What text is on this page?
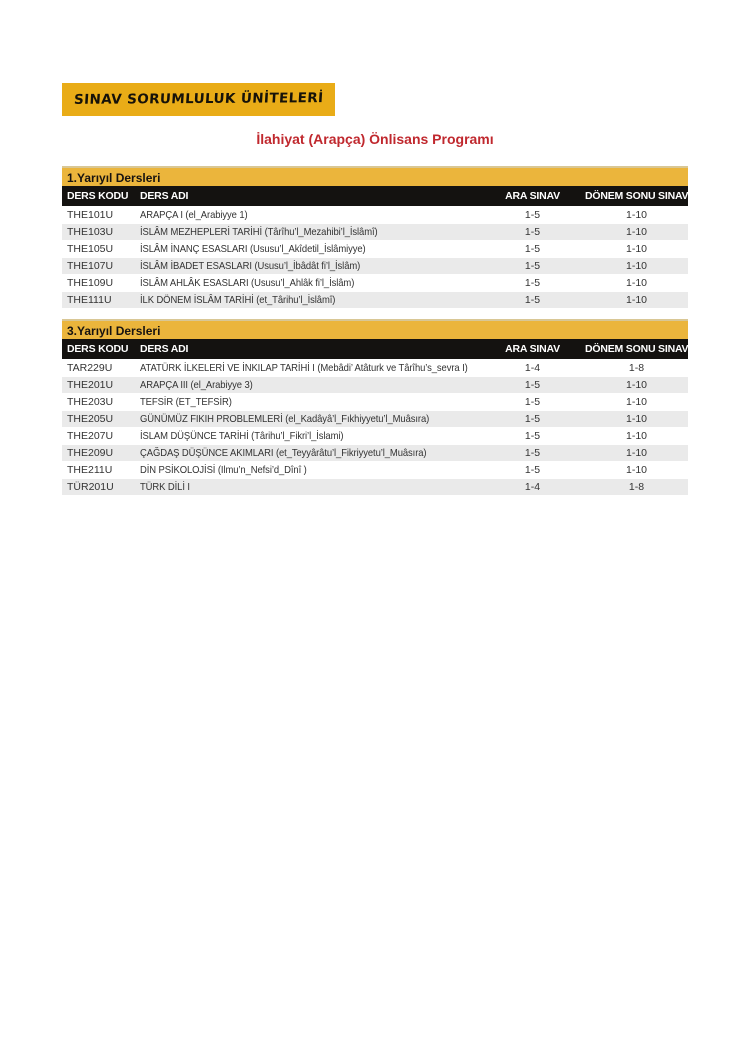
SINAV SORUMLULUK ÜNİTELERİ
İlahiyat (Arapça) Önlisans Programı
1.Yarıyıl Dersleri
DERS KODU	DERS ADI	ARA SINAV	DÖNEM SONU SINAVI
THE101U	ARAPÇA I (el_Arabiyye 1)	1-5	1-10
THE103U	İSLÂM MEZHEPLERİ TARİHİ (Târîhu’l_Mezahibi’l_İslâmî)	1-5	1-10
THE105U	İSLÂM İNANÇ ESASLARI (Ususu’l_Akîdetil_İslâmiyye)	1-5	1-10
THE107U	İSLÂM İBADET ESASLARI (Ususu’l_İbâdât fi’l_İslâm)	1-5	1-10
THE109U	İSLÂM AHLÂK ESASLARI (Ususu’l_Ahlâk fi’l_İslâm)	1-5	1-10
THE111U	İLK DÖNEM İSLÂM TARİHİ (et_Târihu’l_İslâmî)	1-5	1-10
3.Yarıyıl Dersleri
DERS KODU	DERS ADI	ARA SINAV	DÖNEM SONU SINAVI
TAR229U	ATATÜRK İLKELERİ VE İNKILAP TARİHİ I (Mebâdi’ Atâturk ve Târîhu’s_sevra I)	1-4	1-8
THE201U	ARAPÇA III (el_Arabiyye 3)	1-5	1-10
THE203U	TEFSİR (ET_TEFSİR)	1-5	1-10
THE205U	GÜNÜMÜZ FIKIH PROBLEMLERİ (el_Kadâyâ’l_Fıkhiyyetu’l_Muâsıra)	1-5	1-10
THE207U	İSLAM DÜŞÜNCE TARİHİ (Târihu’l_Fikri’l_İslami)	1-5	1-10
THE209U	ÇAĞDAŞ DÜŞÜNCE AKIMLARI (et_Teyyârâtu’l_Fikriyyetu’l_Muâsıra)	1-5	1-10
THE211U	DİN PSİKOLOJİSİ (Ilmu’n_Nefsi’d_Dînî )	1-5	1-10
TÜR201U	TÜRK DİLİ I	1-4	1-8
